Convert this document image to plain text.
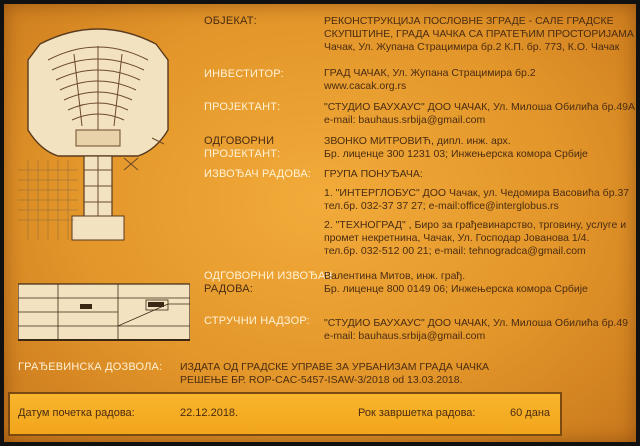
ОБЈЕКАТ:	РЕКОНСТРУКЦИЈА ПОСЛОВНЕ ЗГРАДЕ - САЛЕ ГРАДСКЕ
СКУПШТИНЕ, ГРАДА ЧАЧКА СА ПРАТЕЋИМ ПРОСТОРИЈАМА
Чачак, Ул. Жупана Страцимира бр.2 К.П. бр. 773, К.О. Чачак
ИНВЕСТИТОР:	ГРАД ЧАЧАК, Ул. Жупана Страцимира бр.2
www.cacak.org.rs
ПРОЈЕКТАНТ:	"СТУДИО БАУХАУС" ДОО ЧАЧАК, Ул. Милоша Обилића бр.49А
e-mail: bauhaus.srbija@gmail.com
ОДГОВОРНИ
ПРОЈЕКТАНТ:
ЗВОНКО МИТРОВИЋ, дипл. инж. арх.
Бр. лиценце 300 1231 03; Инжењерска комора Србије
ИЗВОЂАЧ РАДОВА: ГРУПА ПОНУЂАЧА:
1. "ИНТЕРГЛОБУС" ДОО Чачак, ул. Чедомира Васовића бр.37
тел.бр. 032-37 37 27; e-mail:office@interglobus.rs
2. "ТЕХНОГРАД" , Биро за грађевинарство, трговину, услуге и
промет некретнина, Чачак, Ул. Господар Јованова 1/4.
тел.бр. 032-512 00 21; e-mail: tehnogradca@gmail.com
ОДГОВОРНИ ИЗВОЂАЧ
РАДОВА:
Валентина Митов, инж. грађ.
Бр. лиценце 800 0149 06; Инжењерска комора Србије
СТРУЧНИ НАДЗОР: "СТУДИО БАУХАУС" ДОО ЧАЧАК, Ул. Милоша Обилића бр.49
e-mail: bauhaus.srbija@gmail.com
ГРАЂЕВИНСКА ДОЗВОЛА: ИЗДАТА ОД ГРАДСКЕ УПРАВЕ ЗА УРБАНИЗАМ ГРАДА ЧАЧКА
РЕШЕЊЕ БР. ROP-CAC-5457-ISAW-3/2018 od 13.03.2018.
Датум почетка радова:	22.12.2018.	Рок завршетка радова:	60 дана
